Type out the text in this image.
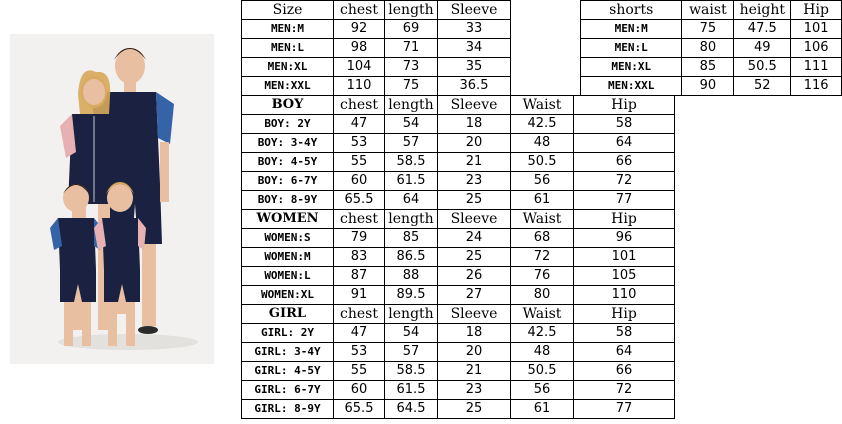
Size	chest	length	Sleeve		
MEN:M	92	69	33		
MEN:L	98	71	34		
MEN:XL	104	73	35		
MEN:XXL	110	75	36.5		
BOY	chest	length	Sleeve	Waist	Hip
BOY: 2Y	47	54	18	42.5	58
BOY: 3-4Y	53	57	20	48	64
BOY: 4-5Y	55	58.5	21	50.5	66
BOY: 6-7Y	60	61.5	23	56	72
BOY: 8-9Y	65.5	64	25	61	77
WOMEN	chest	length	Sleeve	Waist	Hip
WOMEN:S	79	85	24	68	96
WOMEN:M	83	86.5	25	72	101
WOMEN:L	87	88	26	76	105
WOMEN:XL	91	89.5	27	80	110
GIRL	chest	length	Sleeve	Waist	Hip
GIRL: 2Y	47	54	18	42.5	58
GIRL: 3-4Y	53	57	20	48	64
GIRL: 4-5Y	55	58.5	21	50.5	66
GIRL: 6-7Y	60	61.5	23	56	72
GIRL: 8-9Y	65.5	64.5	25	61	77
shorts	waist	height	Hip
MEN:M	75	47.5	101
MEN:L	80	49	106
MEN:XL	85	50.5	111
MEN:XXL	90	52	116
